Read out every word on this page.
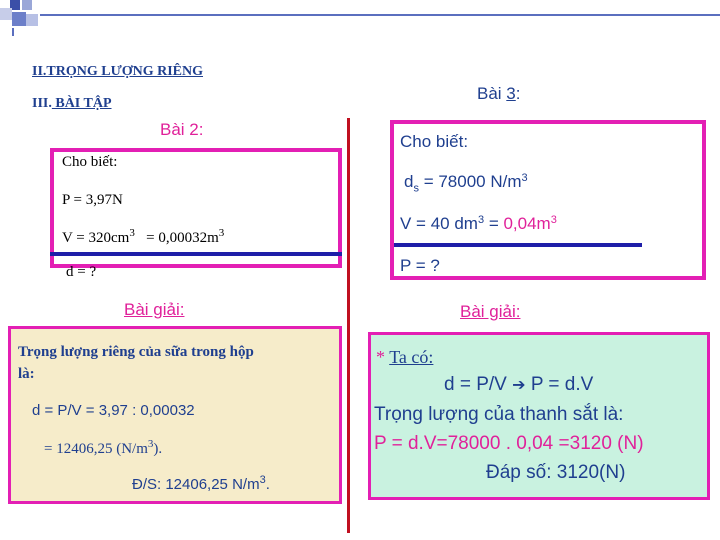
II.TRỌNG LƯỢNG RIÊNG
III. BÀI TẬP
Bài 2:
Cho biết:
P = 3,97N
$V = 320cm^3 = 0,00032m^3$
d = ?
Bài giải:
Trọng lượng riêng của sữa trong hộp
là:
d = P/V = 3,97 : 0,00032
= 12406,25 $(N/m^3)$.
Đ/S: 12406,25 $N/m^3$.
Bài 3:
Cho biết:
$d_s = 78000$ $N/m^3$
V = 40 $dm^3 = 0,04m^3$
P = ?
Bài giải:
* Ta có:
d = P/V ➔ P = d.V
Trọng lượng của thanh sắt là:
P = d.V=78000 . 0,04 =3120 (N)
Đáp số: 3120(N)
